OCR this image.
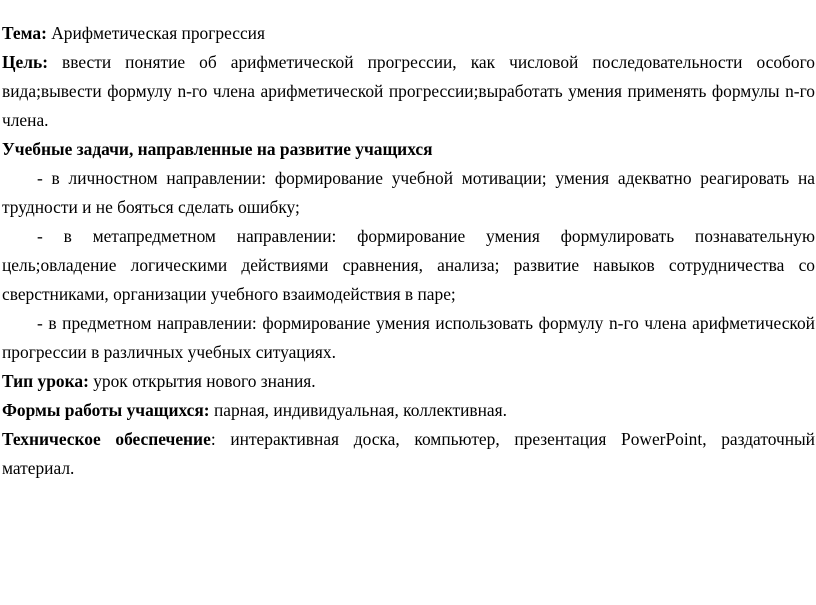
Тема: Арифметическая прогрессия

Цель: ввести понятие об арифметической прогрессии, как числовой последовательности особого вида;вывести формулу n-го члена арифметической прогрессии;выработать умения применять формулы n-го члена.

Учебные задачи, направленные на развитие учащихся

- в личностном направлении: формирование учебной мотивации; умения адекватно реагировать на трудности и не бояться сделать ошибку;

- в метапредметном направлении: формирование умения формулировать познавательную цель;овладение логическими действиями сравнения, анализа; развитие навыков сотрудничества со сверстниками, организации учебного взаимодействия в паре;

- в предметном направлении: формирование умения использовать формулу n-го члена арифметической прогрессии в различных учебных ситуациях.

Тип урока: урок открытия нового знания.

Формы работы учащихся: парная, индивидуальная, коллективная.

Техническое обеспечение: интерактивная доска, компьютер, презентация PowerPoint, раздаточный материал.
